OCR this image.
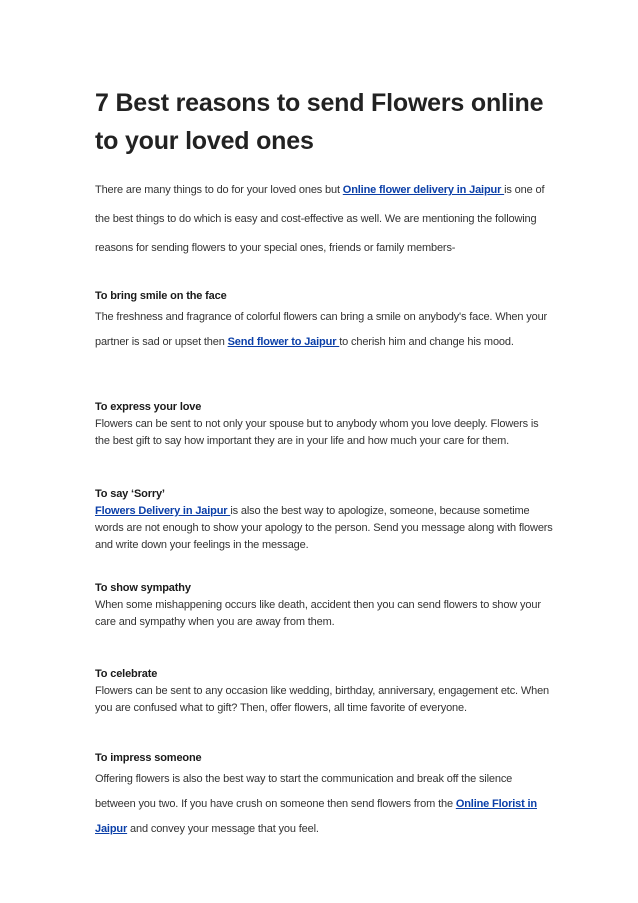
7 Best reasons to send Flowers online to your loved ones

There are many things to do for your loved ones but Online flower delivery in Jaipur is one of the best things to do which is easy and cost-effective as well. We are mentioning the following reasons for sending flowers to your special ones, friends or family members-

To bring smile on the face

The freshness and fragrance of colorful flowers can bring a smile on anybody's face. When your partner is sad or upset then Send flower to Jaipur to cherish him and change his mood.

To express your love

Flowers can be sent to not only your spouse but to anybody whom you love deeply. Flowers is the best gift to say how important they are in your life and how much your care for them.

To say ‘Sorry’

Flowers Delivery in Jaipur is also the best way to apologize, someone, because sometime words are not enough to show your apology to the person. Send you message along with flowers and write down your feelings in the message.

To show sympathy

When some mishappening occurs like death, accident then you can send flowers to show your care and sympathy when you are away from them.

To celebrate

Flowers can be sent to any occasion like wedding, birthday, anniversary, engagement etc. When you are confused what to gift? Then, offer flowers, all time favorite of everyone.

To impress someone

Offering flowers is also the best way to start the communication and break off the silence between you two. If you have crush on someone then send flowers from the Online Florist in Jaipur and convey your message that you feel.
